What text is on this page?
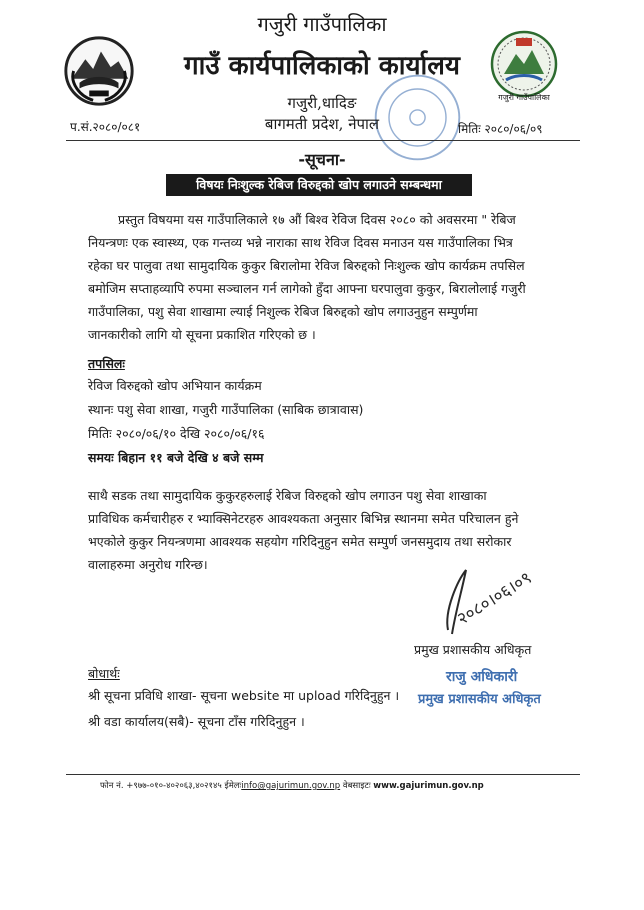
गजुरी गाउँपालिका
गजुरी गाउँपालिका
गाउँ कार्यपालिकाको कार्यालय
गजुरी,धादिङ
बागमती प्रदेश, नेपाल
प.सं.२०८०/०८१	मितिः २०८०/०६/०९
-सूचना-
विषयः निःशुल्क रेबिज विरुद्दको खोप लगाउने सम्बन्धमा
प्रस्तुत विषयमा यस गाउँपालिकाले १७ औं बिश्व रेविज दिवस २०८० को अवसरमा " रेबिज
नियन्त्रणः एक स्वास्थ्य, एक गन्तव्य भन्ने नाराका साथ रेविज दिवस मनाउन यस गाउँपालिका भित्र
रहेका घर पालुवा तथा सामुदायिक कुकुर बिरालोमा रेविज बिरुद्दको निःशुल्क खोप कार्यक्रम तपसिल
बमोजिम सप्ताहव्यापि रुपमा सञ्चालन गर्न लागेको हुँदा आफ्ना घरपालुवा कुकुर, बिरालोलाई गजुरी
गाउँपालिका, पशु सेवा शाखामा ल्याई निशुल्क रेबिज बिरुद्दको खोप लगाउनुहुन सम्पुर्णमा
जानकारीको लागि यो सूचना प्रकाशित गरिएको छ ।
तपसिलः
रेविज विरुद्दको खोप अभियान कार्यक्रम
स्थानः पशु सेवा शाखा, गजुरी गाउँपालिका (साबिक छात्रावास)
मितिः २०८०/०६/१० देखि २०८०/०६/१६
समयः बिहान ११ बजे देखि ४ बजे सम्म
साथै सडक तथा सामुदायिक कुकुरहरुलाई रेबिज विरुद्दको खोप लगाउन पशु सेवा शाखाका
प्राविधिक कर्मचारीहरु र भ्याक्सिनेटरहरु आवश्यकता अनुसार बिभिन्न स्थानमा समेत परिचालन हुने
भएकोले कुकुर नियन्त्रणमा आवश्यक सहयोग गरिदिनुहुन समेत सम्पुर्ण जनसमुदाय तथा सरोकार
वालाहरुमा अनुरोध गरिन्छ।
२०८०।०६।०९
प्रमुख प्रशासकीय अधिकृत
राजु अधिकारी
प्रमुख प्रशासकीय अधिकृत
बोधार्थः
श्री सूचना प्रविधि शाखा- सूचना website मा upload गरिदिनुहुन ।
श्री वडा कार्यालय(सबै)- सूचना टाँस गरिदिनुहुन ।
फोन नं. +९७७-०१०-४०२०६३,४०२१४५ ईमेलःinfo@gajurimun.gov.np वेबसाइटः www.gajurimun.gov.np
